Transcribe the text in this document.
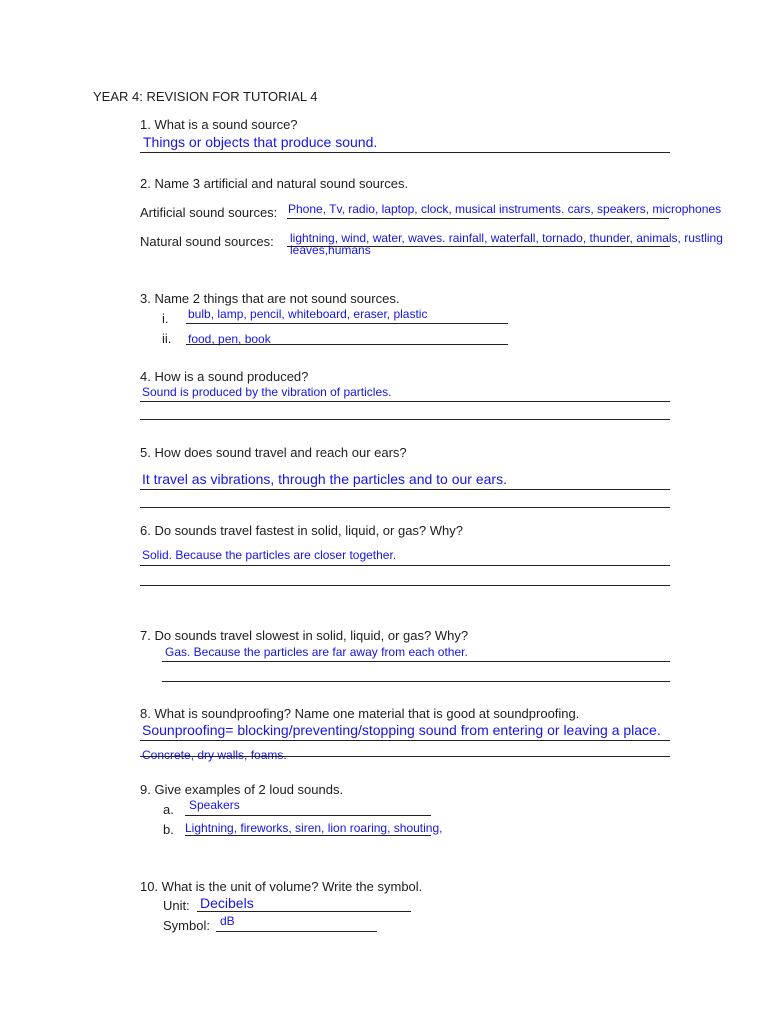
YEAR 4: REVISION FOR TUTORIAL 4
1. What is a sound source?
Things or objects that produce sound.
2. Name 3 artificial and natural sound sources.
Artificial sound sources: Phone, Tv, radio, laptop, clock, musical instruments. cars, speakers, microphones
Natural sound sources: lightning, wind, water, waves. rainfall, waterfall, tornado, thunder, animals, rustling leaves,humans
3. Name 2 things that are not sound sources.
i. bulb, lamp, pencil, whiteboard, eraser, plastic
ii. food, pen, book
4. How is a sound produced?
Sound is produced by the vibration of particles.
5. How does sound travel and reach our ears?
It travel as vibrations, through the particles and to our ears.
6. Do sounds travel fastest in solid, liquid, or gas? Why?
Solid. Because the particles are closer together.
7. Do sounds travel slowest in solid, liquid, or gas? Why?
Gas. Because the particles are far away from each other.
8. What is soundproofing? Name one material that is good at soundproofing.
Sounproofing= blocking/preventing/stopping sound from entering or leaving a place.
Concrete, dry walls, foams.
9. Give examples of 2 loud sounds.
a. Speakers
b. Lightning, fireworks, siren, lion roaring, shouting,
10. What is the unit of volume? Write the symbol.
Unit: Decibels
Symbol: dB
